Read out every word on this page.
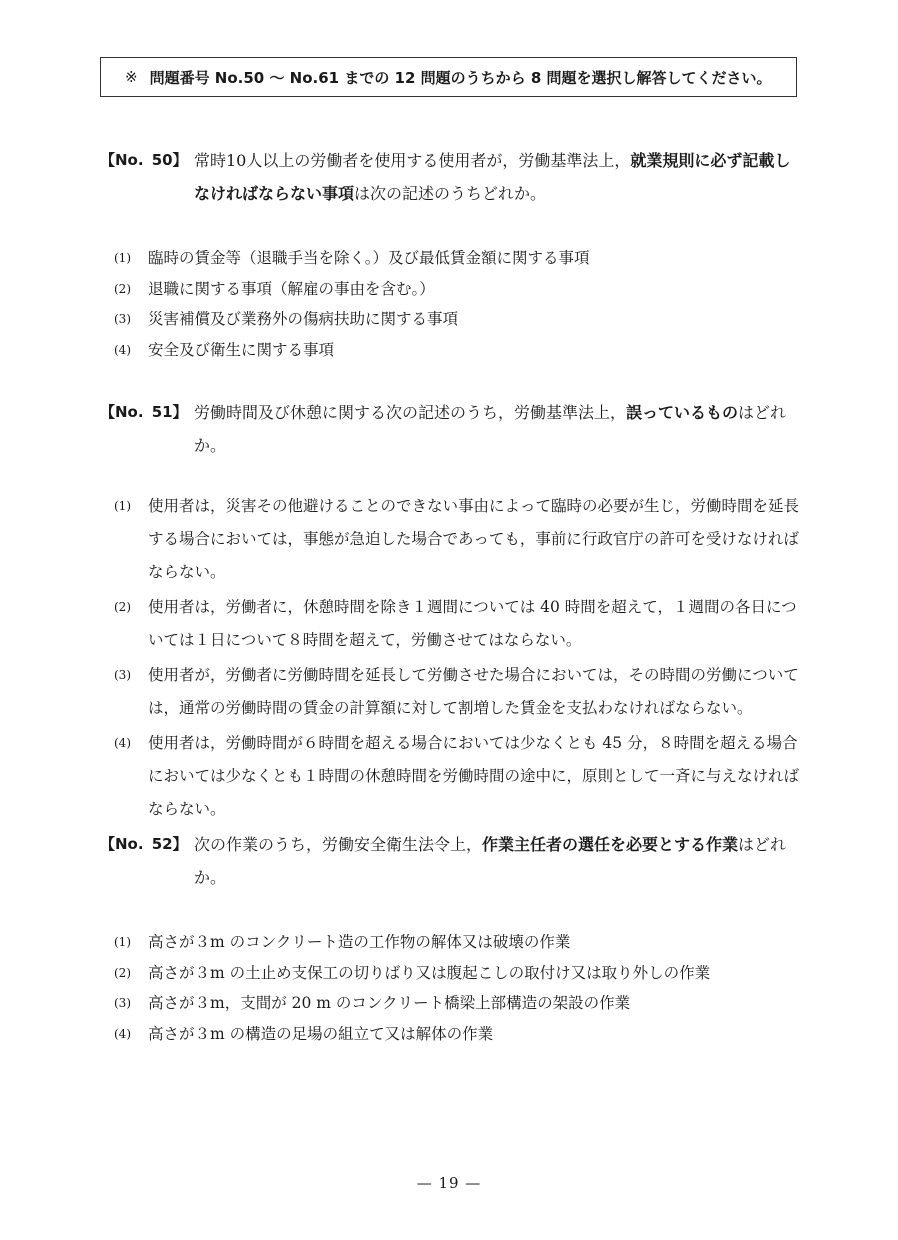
※ 問題番号 No.50 〜 No.61 までの 12 問題のうちから 8 問題を選択し解答してください。
【No. 50】 常時10人以上の労働者を使用する使用者が，労働基準法上，就業規則に必ず記載しなければならない事項は次の記述のうちどれか。
(1) 臨時の賃金等（退職手当を除く。）及び最低賃金額に関する事項
(2) 退職に関する事項（解雇の事由を含む。）
(3) 災害補償及び業務外の傷病扶助に関する事項
(4) 安全及び衛生に関する事項
【No. 51】 労働時間及び休憩に関する次の記述のうち，労働基準法上，誤っているものはどれか。
(1) 使用者は，災害その他避けることのできない事由によって臨時の必要が生じ，労働時間を延長する場合においては，事態が急迫した場合であっても，事前に行政官庁の許可を受けなければならない。
(2) 使用者は，労働者に，休憩時間を除き１週間については 40 時間を超えて，１週間の各日については１日について８時間を超えて，労働させてはならない。
(3) 使用者が，労働者に労働時間を延長して労働させた場合においては，その時間の労働については，通常の労働時間の賃金の計算額に対して割増した賃金を支払わなければならない。
(4) 使用者は，労働時間が６時間を超える場合においては少なくとも 45 分，８時間を超える場合においては少なくとも１時間の休憩時間を労働時間の途中に，原則として一斉に与えなければならない。
【No. 52】 次の作業のうち，労働安全衛生法令上，作業主任者の選任を必要とする作業はどれか。
(1) 高さが３m のコンクリート造の工作物の解体又は破壊の作業
(2) 高さが３m の土止め支保工の切りばり又は腹起こしの取付け又は取り外しの作業
(3) 高さが３m，支間が 20 m のコンクリート橋梁上部構造の架設の作業
(4) 高さが３m の構造の足場の組立て又は解体の作業
— 19 —
